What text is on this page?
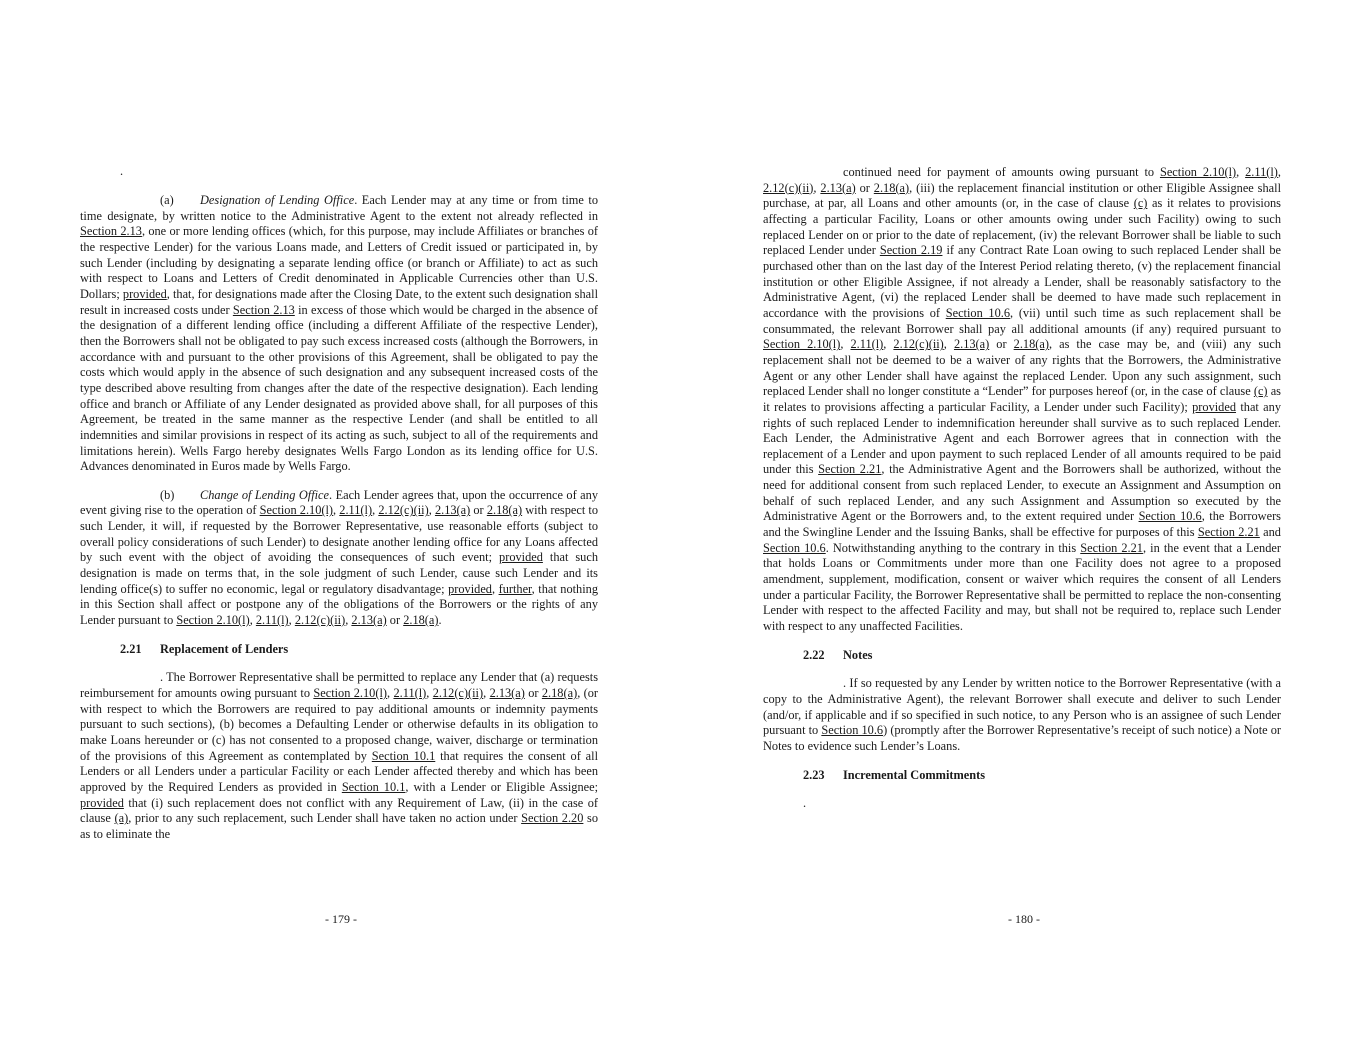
.

(a) Designation of Lending Office. Each Lender may at any time or from time to time designate, by written notice to the Administrative Agent to the extent not already reflected in Section 2.13, one or more lending offices (which, for this purpose, may include Affiliates or branches of the respective Lender) for the various Loans made, and Letters of Credit issued or participated in, by such Lender (including by designating a separate lending office (or branch or Affiliate) to act as such with respect to Loans and Letters of Credit denominated in Applicable Currencies other than U.S. Dollars; provided, that, for designations made after the Closing Date, to the extent such designation shall result in increased costs under Section 2.13 in excess of those which would be charged in the absence of the designation of a different lending office (including a different Affiliate of the respective Lender), then the Borrowers shall not be obligated to pay such excess increased costs (although the Borrowers, in accordance with and pursuant to the other provisions of this Agreement, shall be obligated to pay the costs which would apply in the absence of such designation and any subsequent increased costs of the type described above resulting from changes after the date of the respective designation). Each lending office and branch or Affiliate of any Lender designated as provided above shall, for all purposes of this Agreement, be treated in the same manner as the respective Lender (and shall be entitled to all indemnities and similar provisions in respect of its acting as such, subject to all of the requirements and limitations herein). Wells Fargo hereby designates Wells Fargo London as its lending office for U.S. Advances denominated in Euros made by Wells Fargo.

(b) Change of Lending Office. Each Lender agrees that, upon the occurrence of any event giving rise to the operation of Section 2.10(l), 2.11(l), 2.12(c)(ii), 2.13(a) or 2.18(a) with respect to such Lender, it will, if requested by the Borrower Representative, use reasonable efforts (subject to overall policy considerations of such Lender) to designate another lending office for any Loans affected by such event with the object of avoiding the consequences of such event; provided that such designation is made on terms that, in the sole judgment of such Lender, cause such Lender and its lending office(s) to suffer no economic, legal or regulatory disadvantage; provided, further, that nothing in this Section shall affect or postpone any of the obligations of the Borrowers or the rights of any Lender pursuant to Section 2.10(l), 2.11(l), 2.12(c)(ii), 2.13(a) or 2.18(a).

2.21 Replacement of Lenders

. The Borrower Representative shall be permitted to replace any Lender that (a) requests reimbursement for amounts owing pursuant to Section 2.10(l), 2.11(l), 2.12(c)(ii), 2.13(a) or 2.18(a), (or with respect to which the Borrowers are required to pay additional amounts or indemnity payments pursuant to such sections), (b) becomes a Defaulting Lender or otherwise defaults in its obligation to make Loans hereunder or (c) has not consented to a proposed change, waiver, discharge or termination of the provisions of this Agreement as contemplated by Section 10.1 that requires the consent of all Lenders or all Lenders under a particular Facility or each Lender affected thereby and which has been approved by the Required Lenders as provided in Section 10.1, with a Lender or Eligible Assignee; provided that (i) such replacement does not conflict with any Requirement of Law, (ii) in the case of clause (a), prior to any such replacement, such Lender shall have taken no action under Section 2.20 so as to eliminate the

- 179 -

continued need for payment of amounts owing pursuant to Section 2.10(l), 2.11(l), 2.12(c)(ii), 2.13(a) or 2.18(a), (iii) the replacement financial institution or other Eligible Assignee shall purchase, at par, all Loans and other amounts (or, in the case of clause (c) as it relates to provisions affecting a particular Facility, Loans or other amounts owing under such Facility) owing to such replaced Lender on or prior to the date of replacement, (iv) the relevant Borrower shall be liable to such replaced Lender under Section 2.19 if any Contract Rate Loan owing to such replaced Lender shall be purchased other than on the last day of the Interest Period relating thereto, (v) the replacement financial institution or other Eligible Assignee, if not already a Lender, shall be reasonably satisfactory to the Administrative Agent, (vi) the replaced Lender shall be deemed to have made such replacement in accordance with the provisions of Section 10.6, (vii) until such time as such replacement shall be consummated, the relevant Borrower shall pay all additional amounts (if any) required pursuant to Section 2.10(l), 2.11(l), 2.12(c)(ii), 2.13(a) or 2.18(a), as the case may be, and (viii) any such replacement shall not be deemed to be a waiver of any rights that the Borrowers, the Administrative Agent or any other Lender shall have against the replaced Lender. Upon any such assignment, such replaced Lender shall no longer constitute a “Lender” for purposes hereof (or, in the case of clause (c) as it relates to provisions affecting a particular Facility, a Lender under such Facility); provided that any rights of such replaced Lender to indemnification hereunder shall survive as to such replaced Lender. Each Lender, the Administrative Agent and each Borrower agrees that in connection with the replacement of a Lender and upon payment to such replaced Lender of all amounts required to be paid under this Section 2.21, the Administrative Agent and the Borrowers shall be authorized, without the need for additional consent from such replaced Lender, to execute an Assignment and Assumption on behalf of such replaced Lender, and any such Assignment and Assumption so executed by the Administrative Agent or the Borrowers and, to the extent required under Section 10.6, the Borrowers and the Swingline Lender and the Issuing Banks, shall be effective for purposes of this Section 2.21 and Section 10.6. Notwithstanding anything to the contrary in this Section 2.21, in the event that a Lender that holds Loans or Commitments under more than one Facility does not agree to a proposed amendment, supplement, modification, consent or waiver which requires the consent of all Lenders under a particular Facility, the Borrower Representative shall be permitted to replace the non-consenting Lender with respect to the affected Facility and may, but shall not be required to, replace such Lender with respect to any unaffected Facilities.

2.22 Notes

. If so requested by any Lender by written notice to the Borrower Representative (with a copy to the Administrative Agent), the relevant Borrower shall execute and deliver to such Lender (and/or, if applicable and if so specified in such notice, to any Person who is an assignee of such Lender pursuant to Section 10.6) (promptly after the Borrower Representative’s receipt of such notice) a Note or Notes to evidence such Lender’s Loans.

2.23 Incremental Commitments
.
- 180 -
